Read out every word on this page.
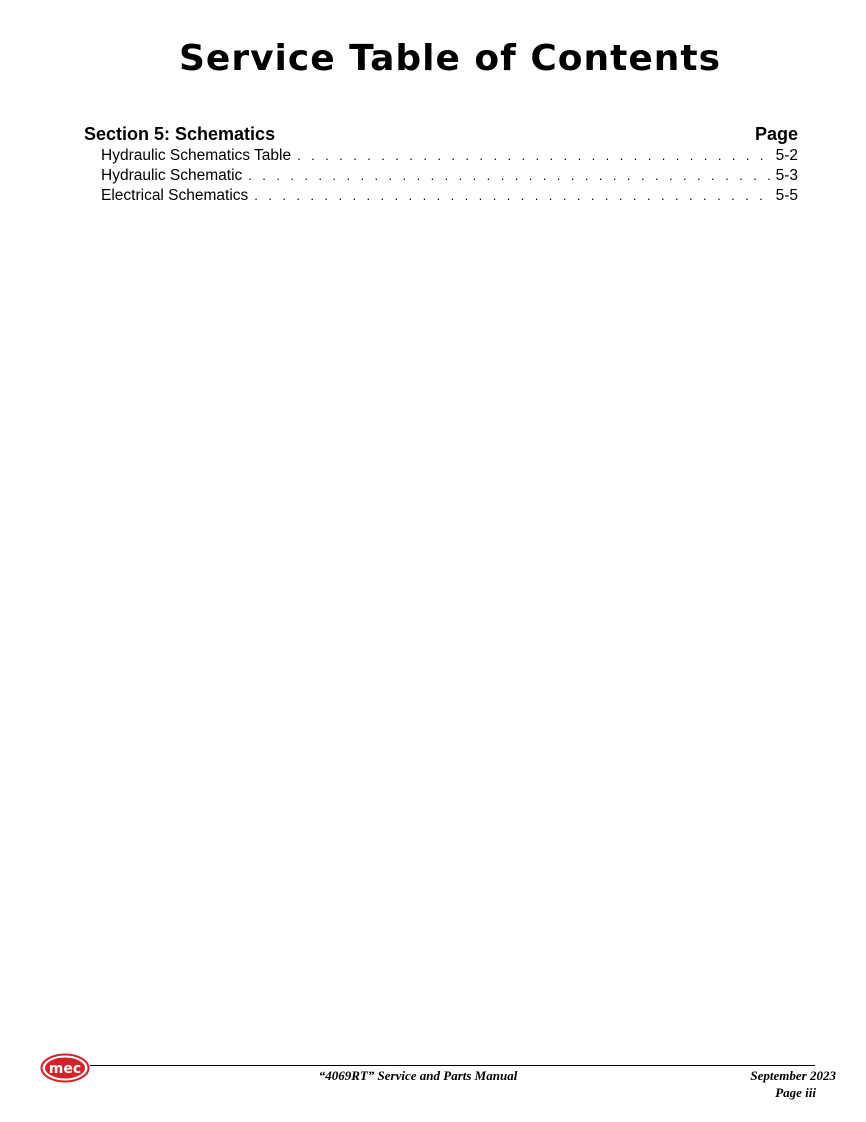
Service Table of Contents
Section 5: Schematics	Page
Hydraulic Schematics Table . . .	5-2
Hydraulic Schematic . . .	5-3
Electrical Schematics . . .	5-5
mec	“4069RT” Service and Parts Manual	September 2023
Page iii
